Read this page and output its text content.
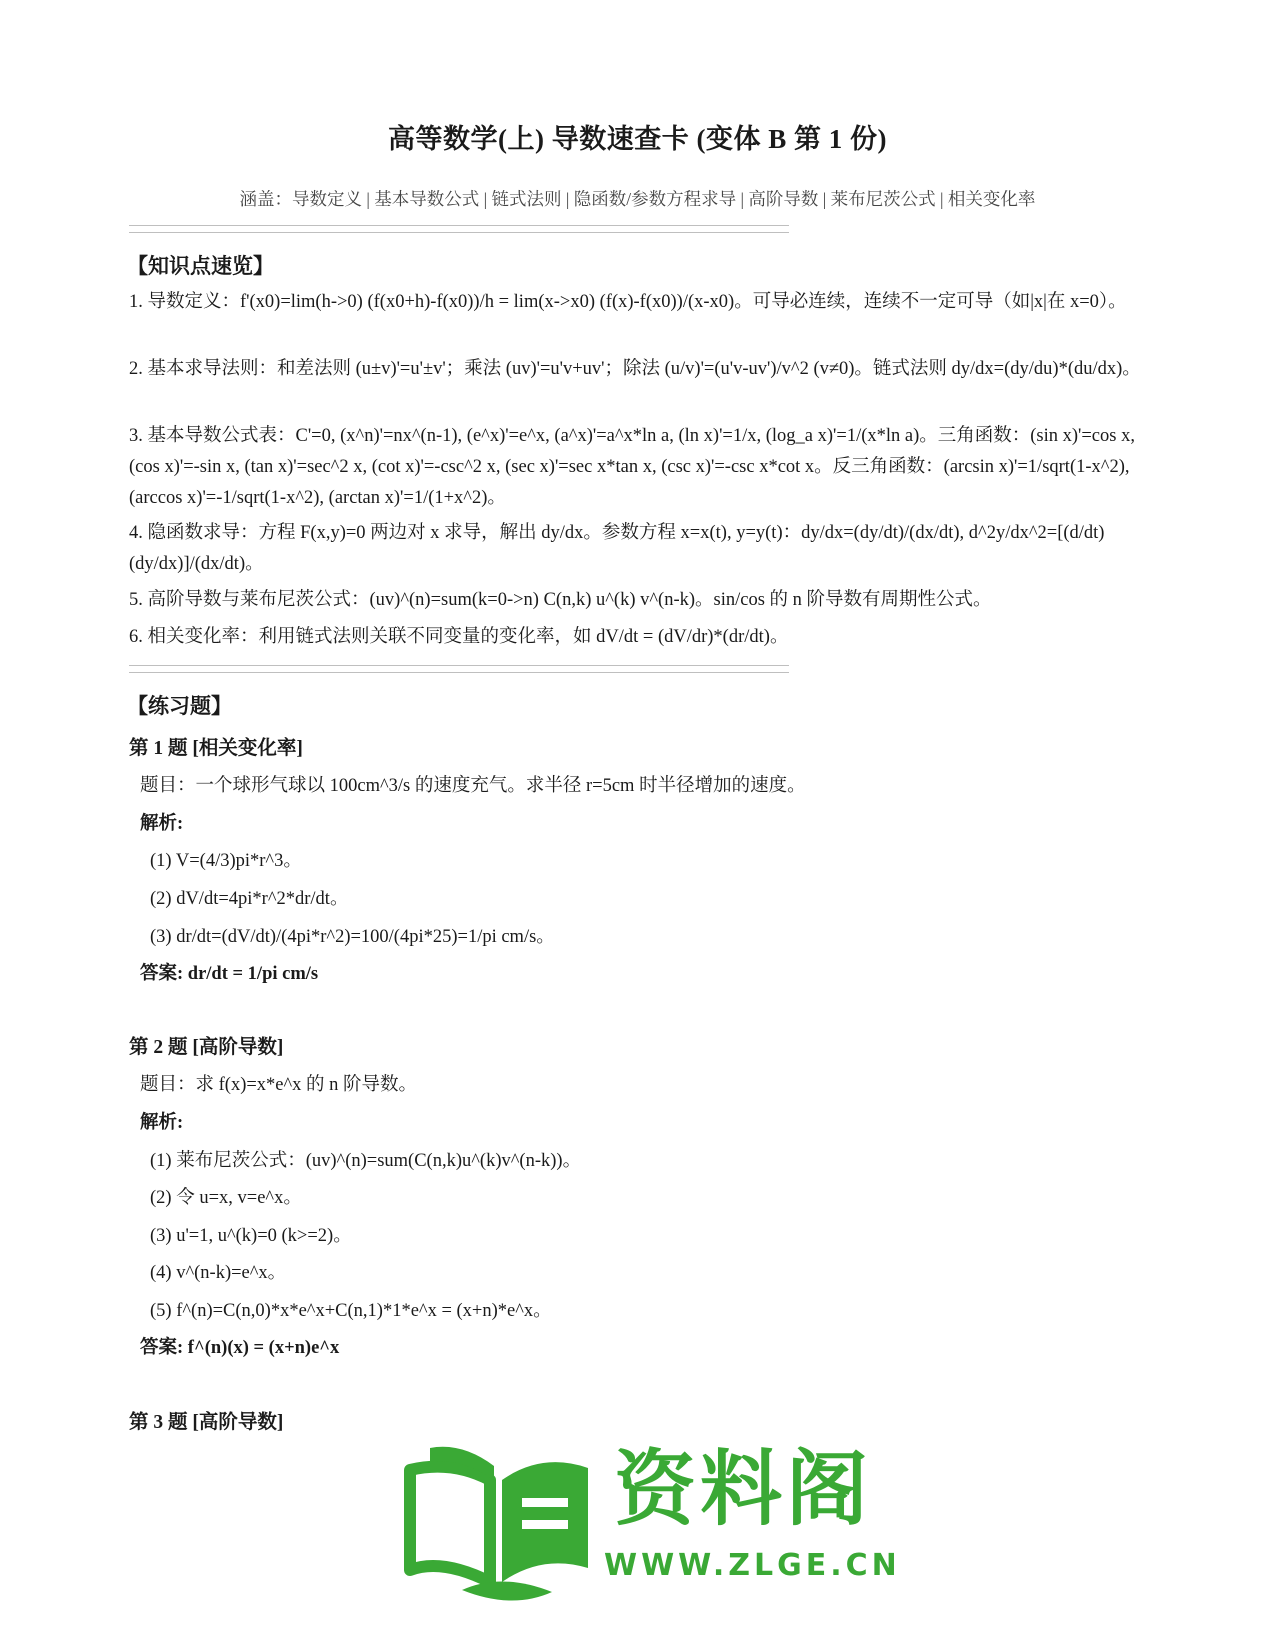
高等数学(上) 导数速查卡 (变体 B 第 1 份)
涵盖：导数定义 | 基本导数公式 | 链式法则 | 隐函数/参数方程求导 | 高阶导数 | 莱布尼茨公式 | 相关变化率
【知识点速览】
1. 导数定义：f'(x0)=lim(h->0) (f(x0+h)-f(x0))/h = lim(x->x0) (f(x)-f(x0))/(x-x0)。可导必连续，连续不一定可导（如|x|在 x=0）。
2. 基本求导法则：和差法则 (u±v)'=u'±v'；乘法 (uv)'=u'v+uv'；除法 (u/v)'=(u'v-uv')/v^2 (v≠0)。链式法则 dy/dx=(dy/du)*(du/dx)。
3. 基本导数公式表：C'=0, (x^n)'=nx^(n-1), (e^x)'=e^x, (a^x)'=a^x*ln a, (ln x)'=1/x, (log_a x)'=1/(x*ln a)。三角函数：(sin x)'=cos x, (cos x)'=-sin x, (tan x)'=sec^2 x, (cot x)'=-csc^2 x, (sec x)'=sec x*tan x, (csc x)'=-csc x*cot x。反三角函数：(arcsin x)'=1/sqrt(1-x^2), (arccos x)'=-1/sqrt(1-x^2), (arctan x)'=1/(1+x^2)。
4. 隐函数求导：方程 F(x,y)=0 两边对 x 求导，解出 dy/dx。参数方程 x=x(t), y=y(t)：dy/dx=(dy/dt)/(dx/dt), d^2y/dx^2=[(d/dt)(dy/dx)]/(dx/dt)。
5. 高阶导数与莱布尼茨公式：(uv)^(n)=sum(k=0->n) C(n,k) u^(k) v^(n-k)。sin/cos 的 n 阶导数有周期性公式。
6. 相关变化率：利用链式法则关联不同变量的变化率，如 dV/dt = (dV/dr)*(dr/dt)。
【练习题】
第 1 题 [相关变化率]
题目：一个球形气球以 100cm^3/s 的速度充气。求半径 r=5cm 时半径增加的速度。
解析:
(1) V=(4/3)pi*r^3。
(2) dV/dt=4pi*r^2*dr/dt。
(3) dr/dt=(dV/dt)/(4pi*r^2)=100/(4pi*25)=1/pi cm/s。
答案: dr/dt = 1/pi cm/s
第 2 题 [高阶导数]
题目：求 f(x)=x*e^x 的 n 阶导数。
解析:
(1) 莱布尼茨公式：(uv)^(n)=sum(C(n,k)u^(k)v^(n-k))。
(2) 令 u=x, v=e^x。
(3) u'=1, u^(k)=0 (k>=2)。
(4) v^(n-k)=e^x。
(5) f^(n)=C(n,0)*x*e^x+C(n,1)*1*e^x = (x+n)*e^x。
答案: f^(n)(x) = (x+n)e^x
第 3 题 [高阶导数]
资料阁
WWW.ZLGE.CN
